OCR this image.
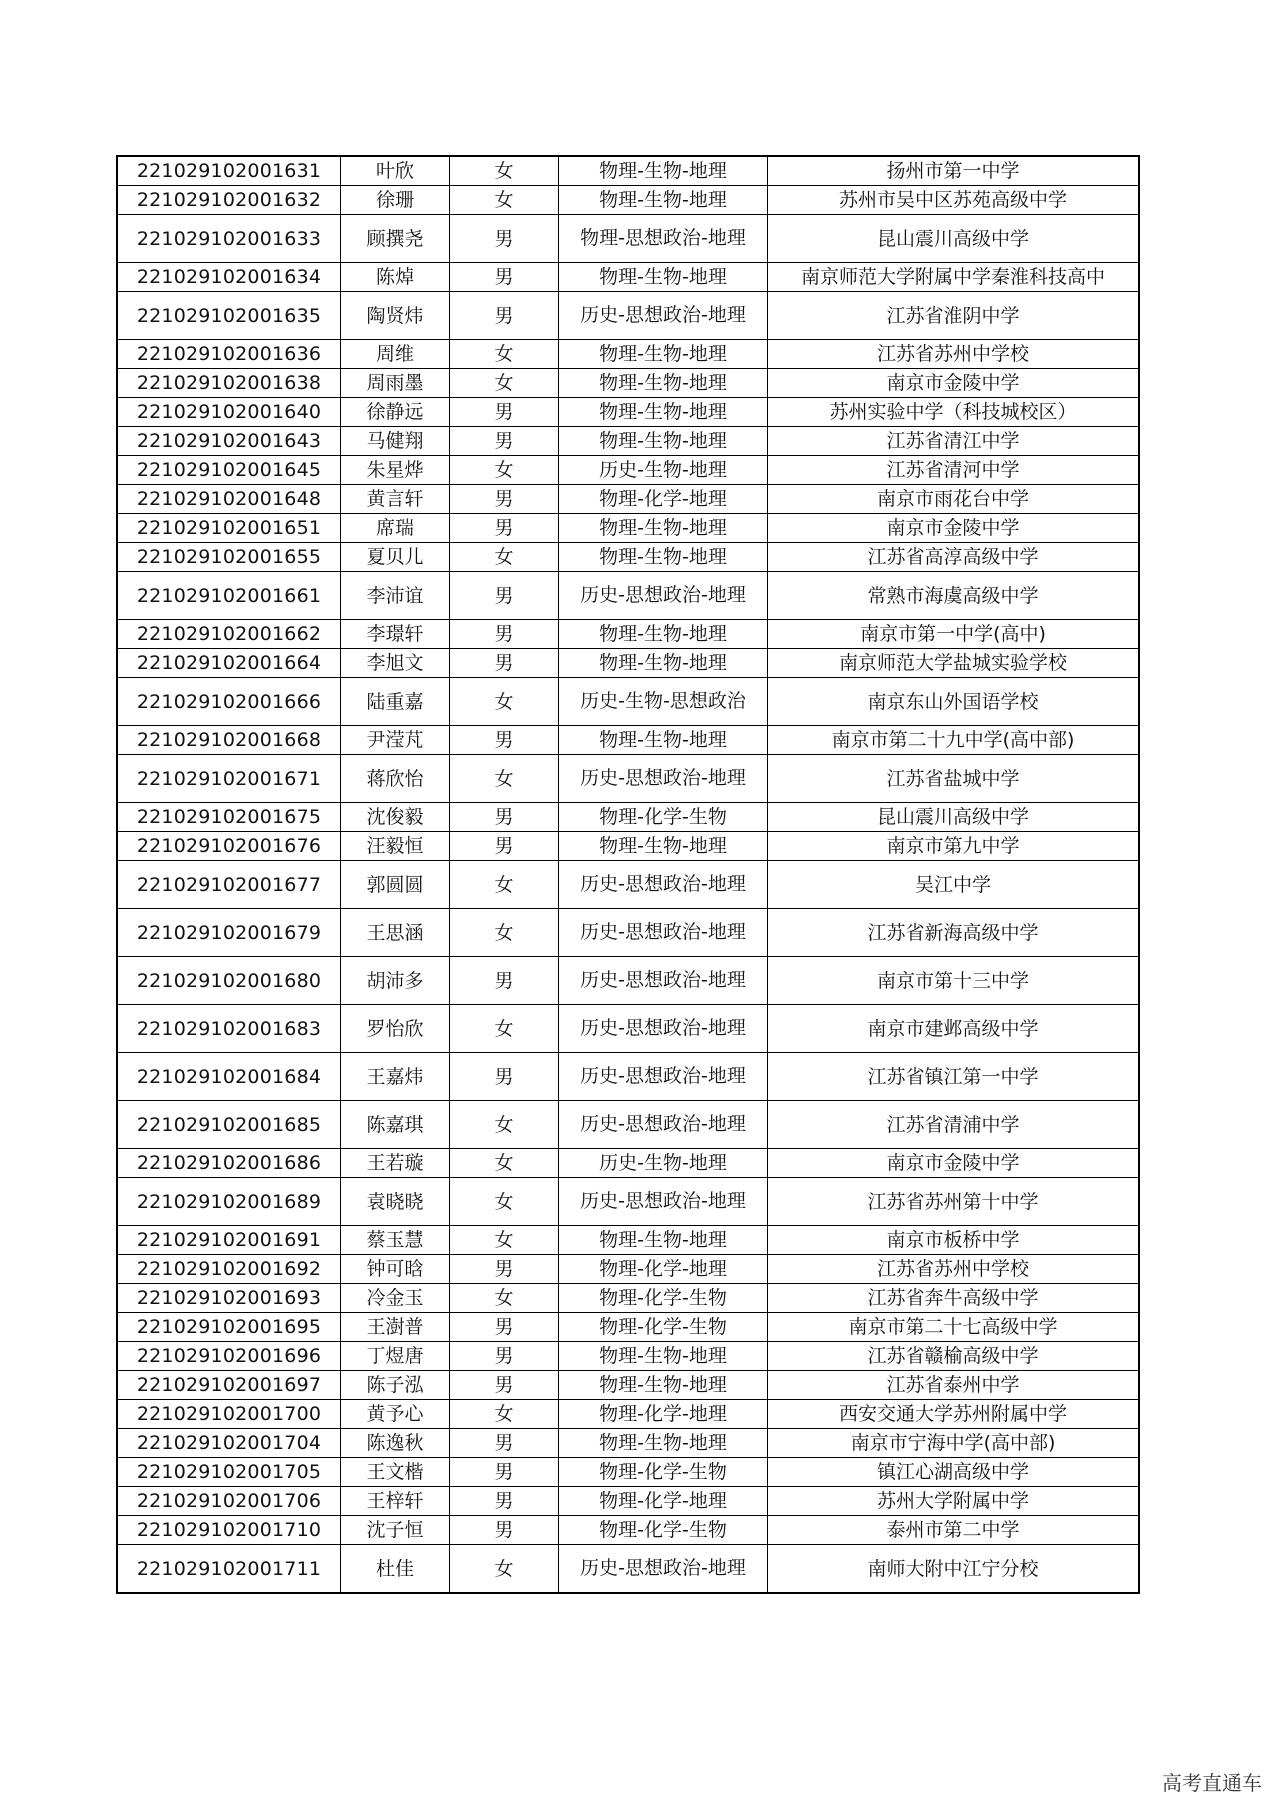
221029102001631	叶欣	女	物理-生物-地理	扬州市第一中学
221029102001632	徐珊	女	物理-生物-地理	苏州市吴中区苏苑高级中学
221029102001633	顾撰尧	男	物理-思想政治-地理	昆山震川高级中学
221029102001634	陈焯	男	物理-生物-地理	南京师范大学附属中学秦淮科技高中
221029102001635	陶贤炜	男	历史-思想政治-地理	江苏省淮阴中学
221029102001636	周维	女	物理-生物-地理	江苏省苏州中学校
221029102001638	周雨墨	女	物理-生物-地理	南京市金陵中学
221029102001640	徐静远	男	物理-生物-地理	苏州实验中学（科技城校区）
221029102001643	马健翔	男	物理-生物-地理	江苏省清江中学
221029102001645	朱星烨	女	历史-生物-地理	江苏省清河中学
221029102001648	黄言轩	男	物理-化学-地理	南京市雨花台中学
221029102001651	席瑞	男	物理-生物-地理	南京市金陵中学
221029102001655	夏贝儿	女	物理-生物-地理	江苏省高淳高级中学
221029102001661	李沛谊	男	历史-思想政治-地理	常熟市海虞高级中学
221029102001662	李璟轩	男	物理-生物-地理	南京市第一中学(高中)
221029102001664	李旭文	男	物理-生物-地理	南京师范大学盐城实验学校
221029102001666	陆重嘉	女	历史-生物-思想政治	南京东山外国语学校
221029102001668	尹滢芃	男	物理-生物-地理	南京市第二十九中学(高中部)
221029102001671	蒋欣怡	女	历史-思想政治-地理	江苏省盐城中学
221029102001675	沈俊毅	男	物理-化学-生物	昆山震川高级中学
221029102001676	汪毅恒	男	物理-生物-地理	南京市第九中学
221029102001677	郭圆圆	女	历史-思想政治-地理	吴江中学
221029102001679	王思涵	女	历史-思想政治-地理	江苏省新海高级中学
221029102001680	胡沛多	男	历史-思想政治-地理	南京市第十三中学
221029102001683	罗怡欣	女	历史-思想政治-地理	南京市建邺高级中学
221029102001684	王嘉炜	男	历史-思想政治-地理	江苏省镇江第一中学
221029102001685	陈嘉琪	女	历史-思想政治-地理	江苏省清浦中学
221029102001686	王若璇	女	历史-生物-地理	南京市金陵中学
221029102001689	袁晓晓	女	历史-思想政治-地理	江苏省苏州第十中学
221029102001691	蔡玉慧	女	物理-生物-地理	南京市板桥中学
221029102001692	钟可晗	男	物理-化学-地理	江苏省苏州中学校
221029102001693	冷金玉	女	物理-化学-生物	江苏省奔牛高级中学
221029102001695	王澍普	男	物理-化学-生物	南京市第二十七高级中学
221029102001696	丁煜唐	男	物理-生物-地理	江苏省赣榆高级中学
221029102001697	陈子泓	男	物理-生物-地理	江苏省泰州中学
221029102001700	黄予心	女	物理-化学-地理	西安交通大学苏州附属中学
221029102001704	陈逸秋	男	物理-生物-地理	南京市宁海中学(高中部)
221029102001705	王文楷	男	物理-化学-生物	镇江心湖高级中学
221029102001706	王梓轩	男	物理-化学-地理	苏州大学附属中学
221029102001710	沈子恒	男	物理-化学-生物	泰州市第二中学
221029102001711	杜佳	女	历史-思想政治-地理	南师大附中江宁分校
高考直通车
